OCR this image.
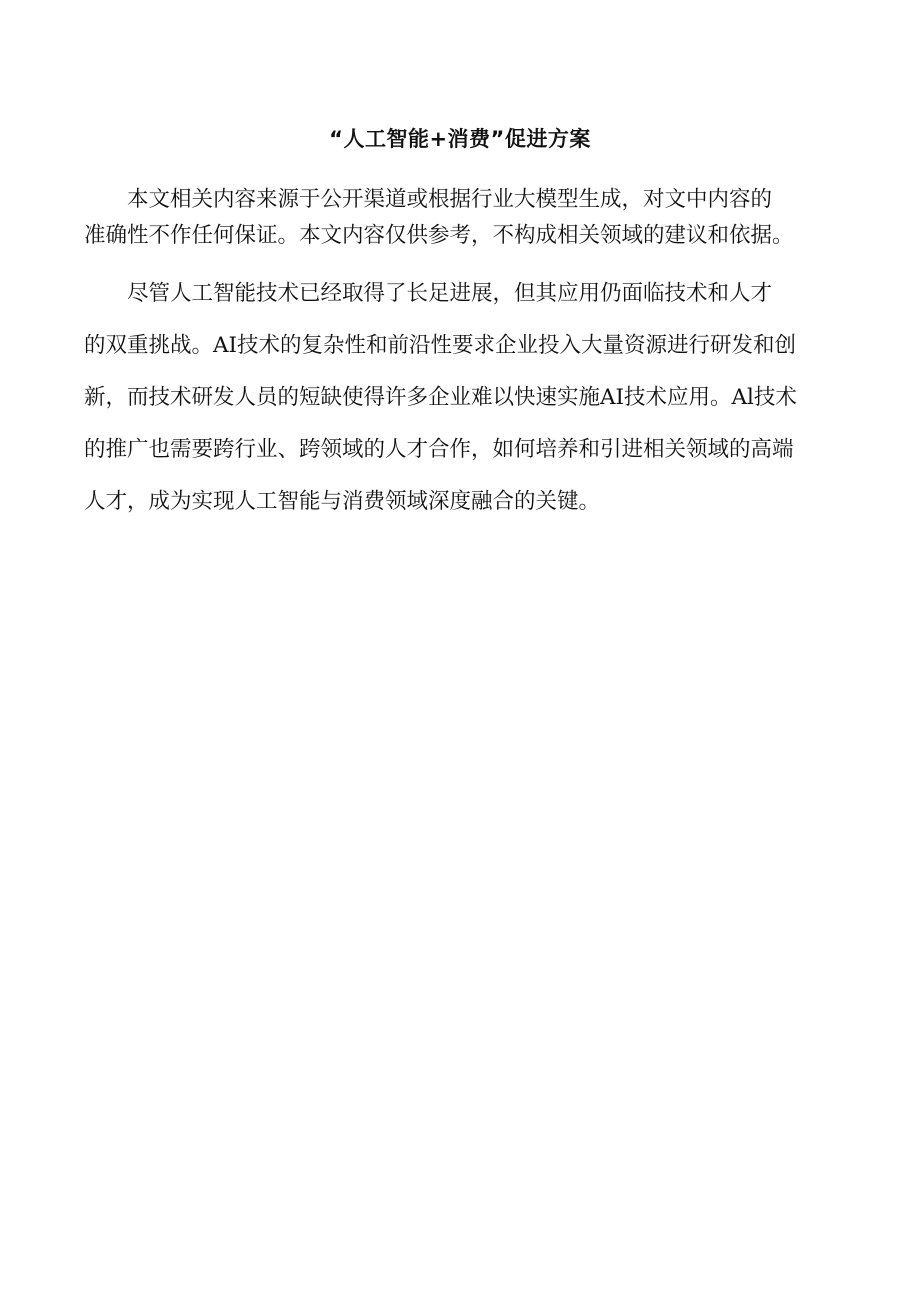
“人工智能+消费”促进方案

本文相关内容来源于公开渠道或根据行业大模型生成，对文中内容的
准确性不作任何保证。本文内容仅供参考，不构成相关领域的建议和依据。

尽管人工智能技术已经取得了长足进展，但其应用仍面临技术和人才
的双重挑战。AI技术的复杂性和前沿性要求企业投入大量资源进行研发和创
新，而技术研发人员的短缺使得许多企业难以快速实施AI技术应用。Al技术
的推广也需要跨行业、跨领域的人才合作，如何培养和引进相关领域的高端
人才，成为实现人工智能与消费领域深度融合的关键。
